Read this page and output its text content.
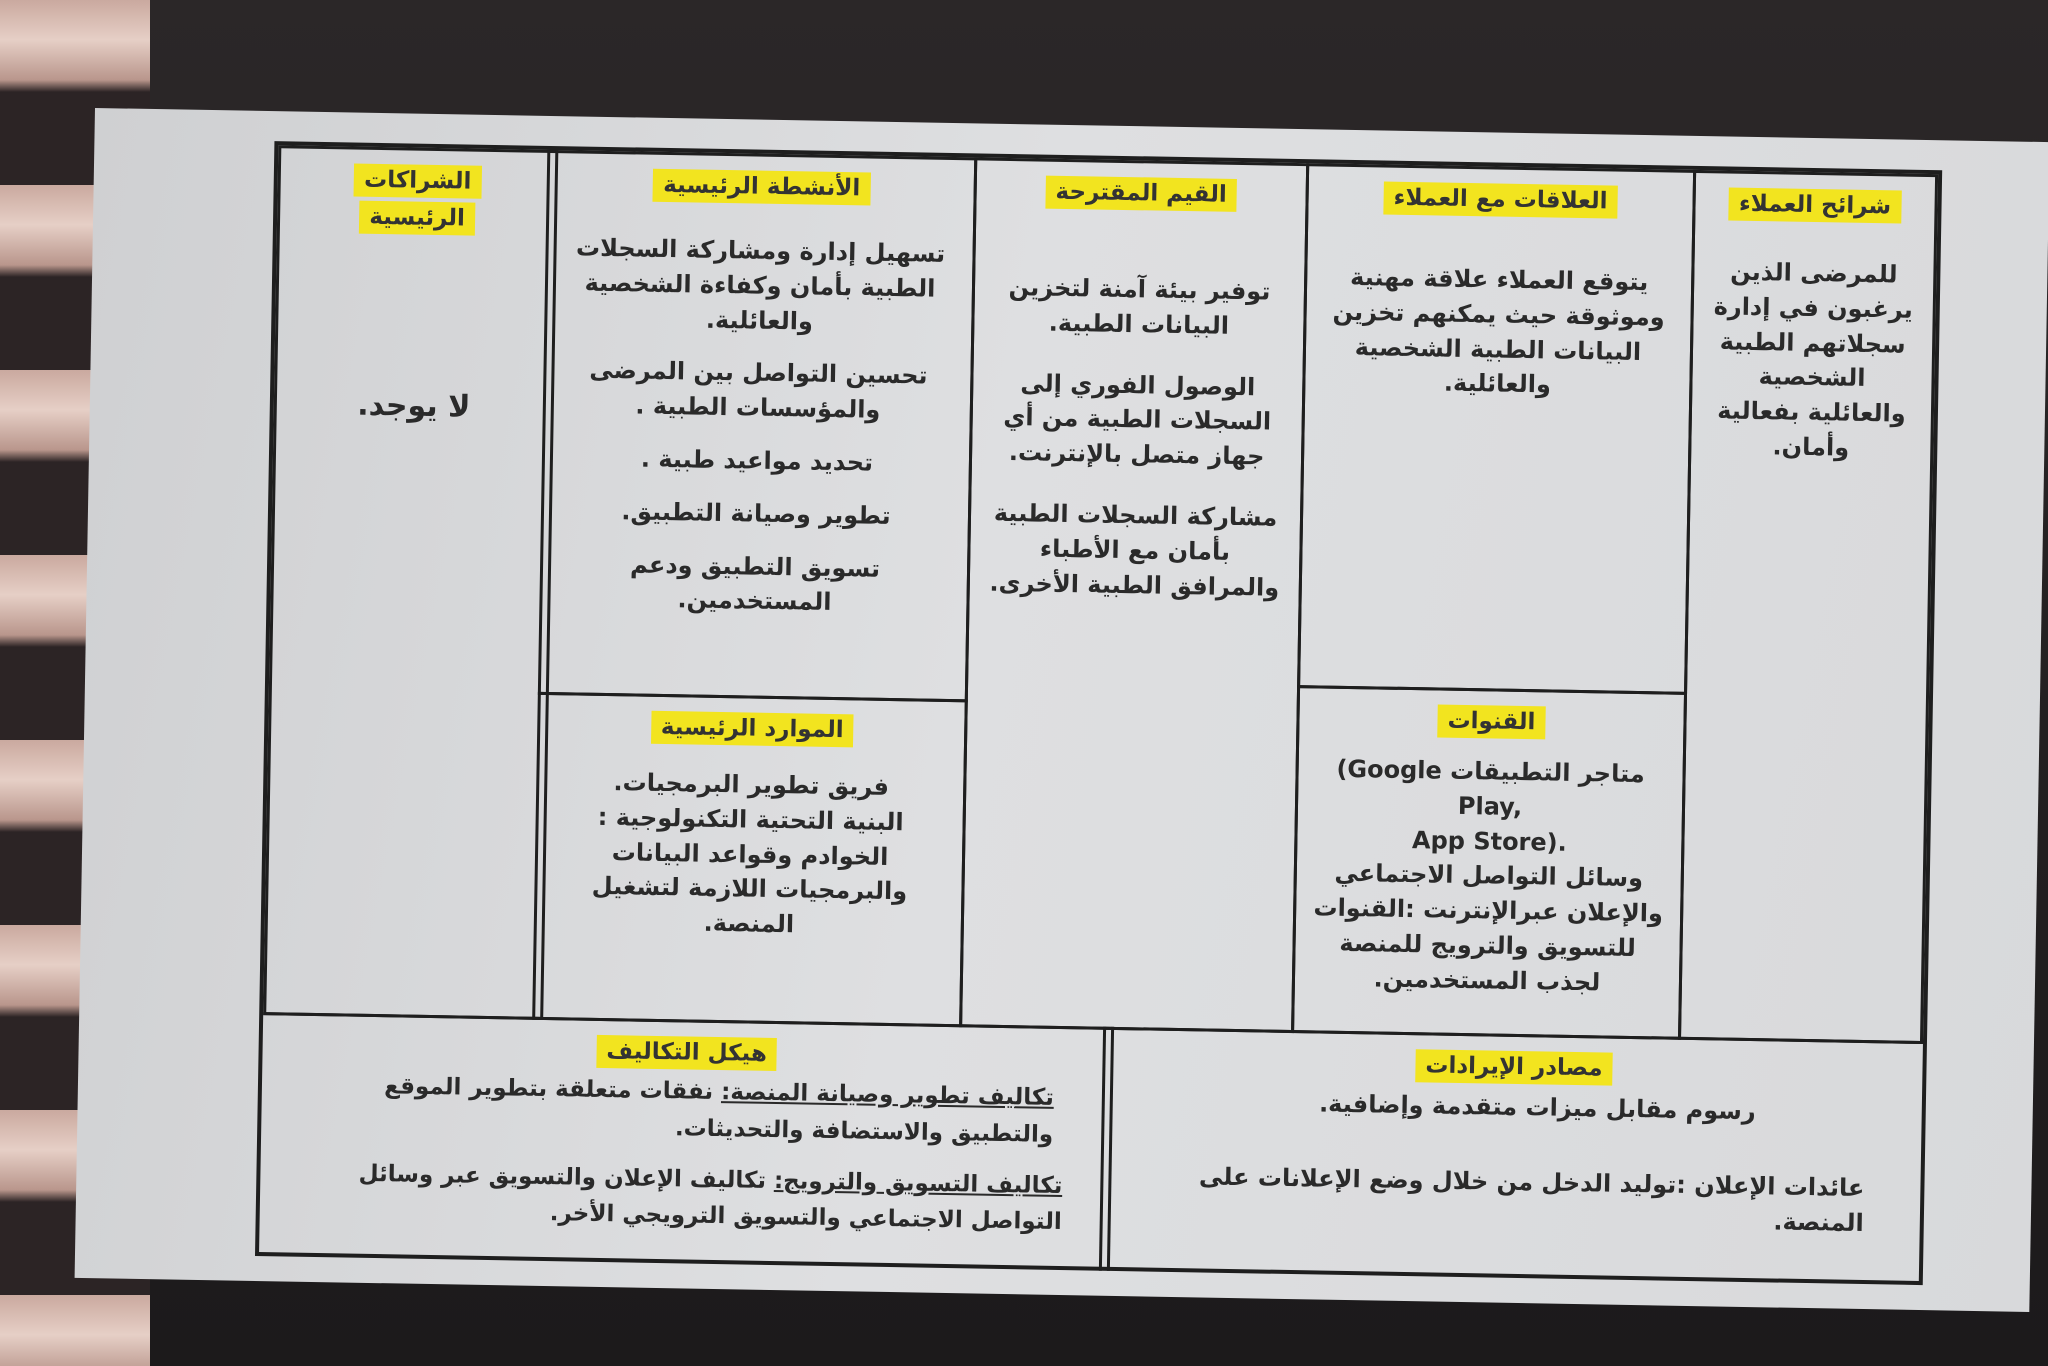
شرائح العملاء

للمرضى الذين يرغبون في إدارة سجلاتهم الطبية الشخصية والعائلية بفعالية وأمان.

العلاقات مع العملاء

يتوقع العملاء علاقة مهنية وموثوقة حيث يمكنهم تخزين البيانات الطبية الشخصية والعائلية.

القنوات

متاجر التطبيقات (Google Play,

App Store).

وسائل التواصل الاجتماعي والإعلان عبرالإنترنت :القنوات للتسويق والترويج للمنصة لجذب المستخدمين.

القيم المقترحة

توفير بيئة آمنة لتخزين البيانات الطبية.

الوصول الفوري إلى السجلات الطبية من أي جهاز متصل بالإنترنت.

مشاركة السجلات الطبية بأمان مع الأطباء والمرافق الطبية الأخرى.

الأنشطة الرئيسية

تسهيل إدارة ومشاركة السجلات الطبية بأمان وكفاءة الشخصية والعائلية.

تحسين التواصل بين المرضى والمؤسسات الطبية .

تحديد مواعيد طبية .

تطوير وصيانة التطبيق.

تسويق التطبيق ودعم المستخدمين.

الموارد الرئيسية

فريق تطوير البرمجيات.

البنية التحتية التكنولوجية : الخوادم وقواعد البيانات والبرمجيات اللازمة لتشغيل المنصة.

الشراكات
الرئيسية

لا يوجد.

مصادر الإيرادات

رسوم مقابل ميزات متقدمة وإضافية.

عائدات الإعلان :توليد الدخل من خلال وضع الإعلانات على المنصة.

هيكل التكاليف

تكاليف تطوير وصيانة المنصة: نفقات متعلقة بتطوير الموقع والتطبيق والاستضافة والتحديثات.

تكاليف التسويق والترويج: تكاليف الإعلان والتسويق عبر وسائل التواصل الاجتماعي والتسويق الترويجي الأخر.
